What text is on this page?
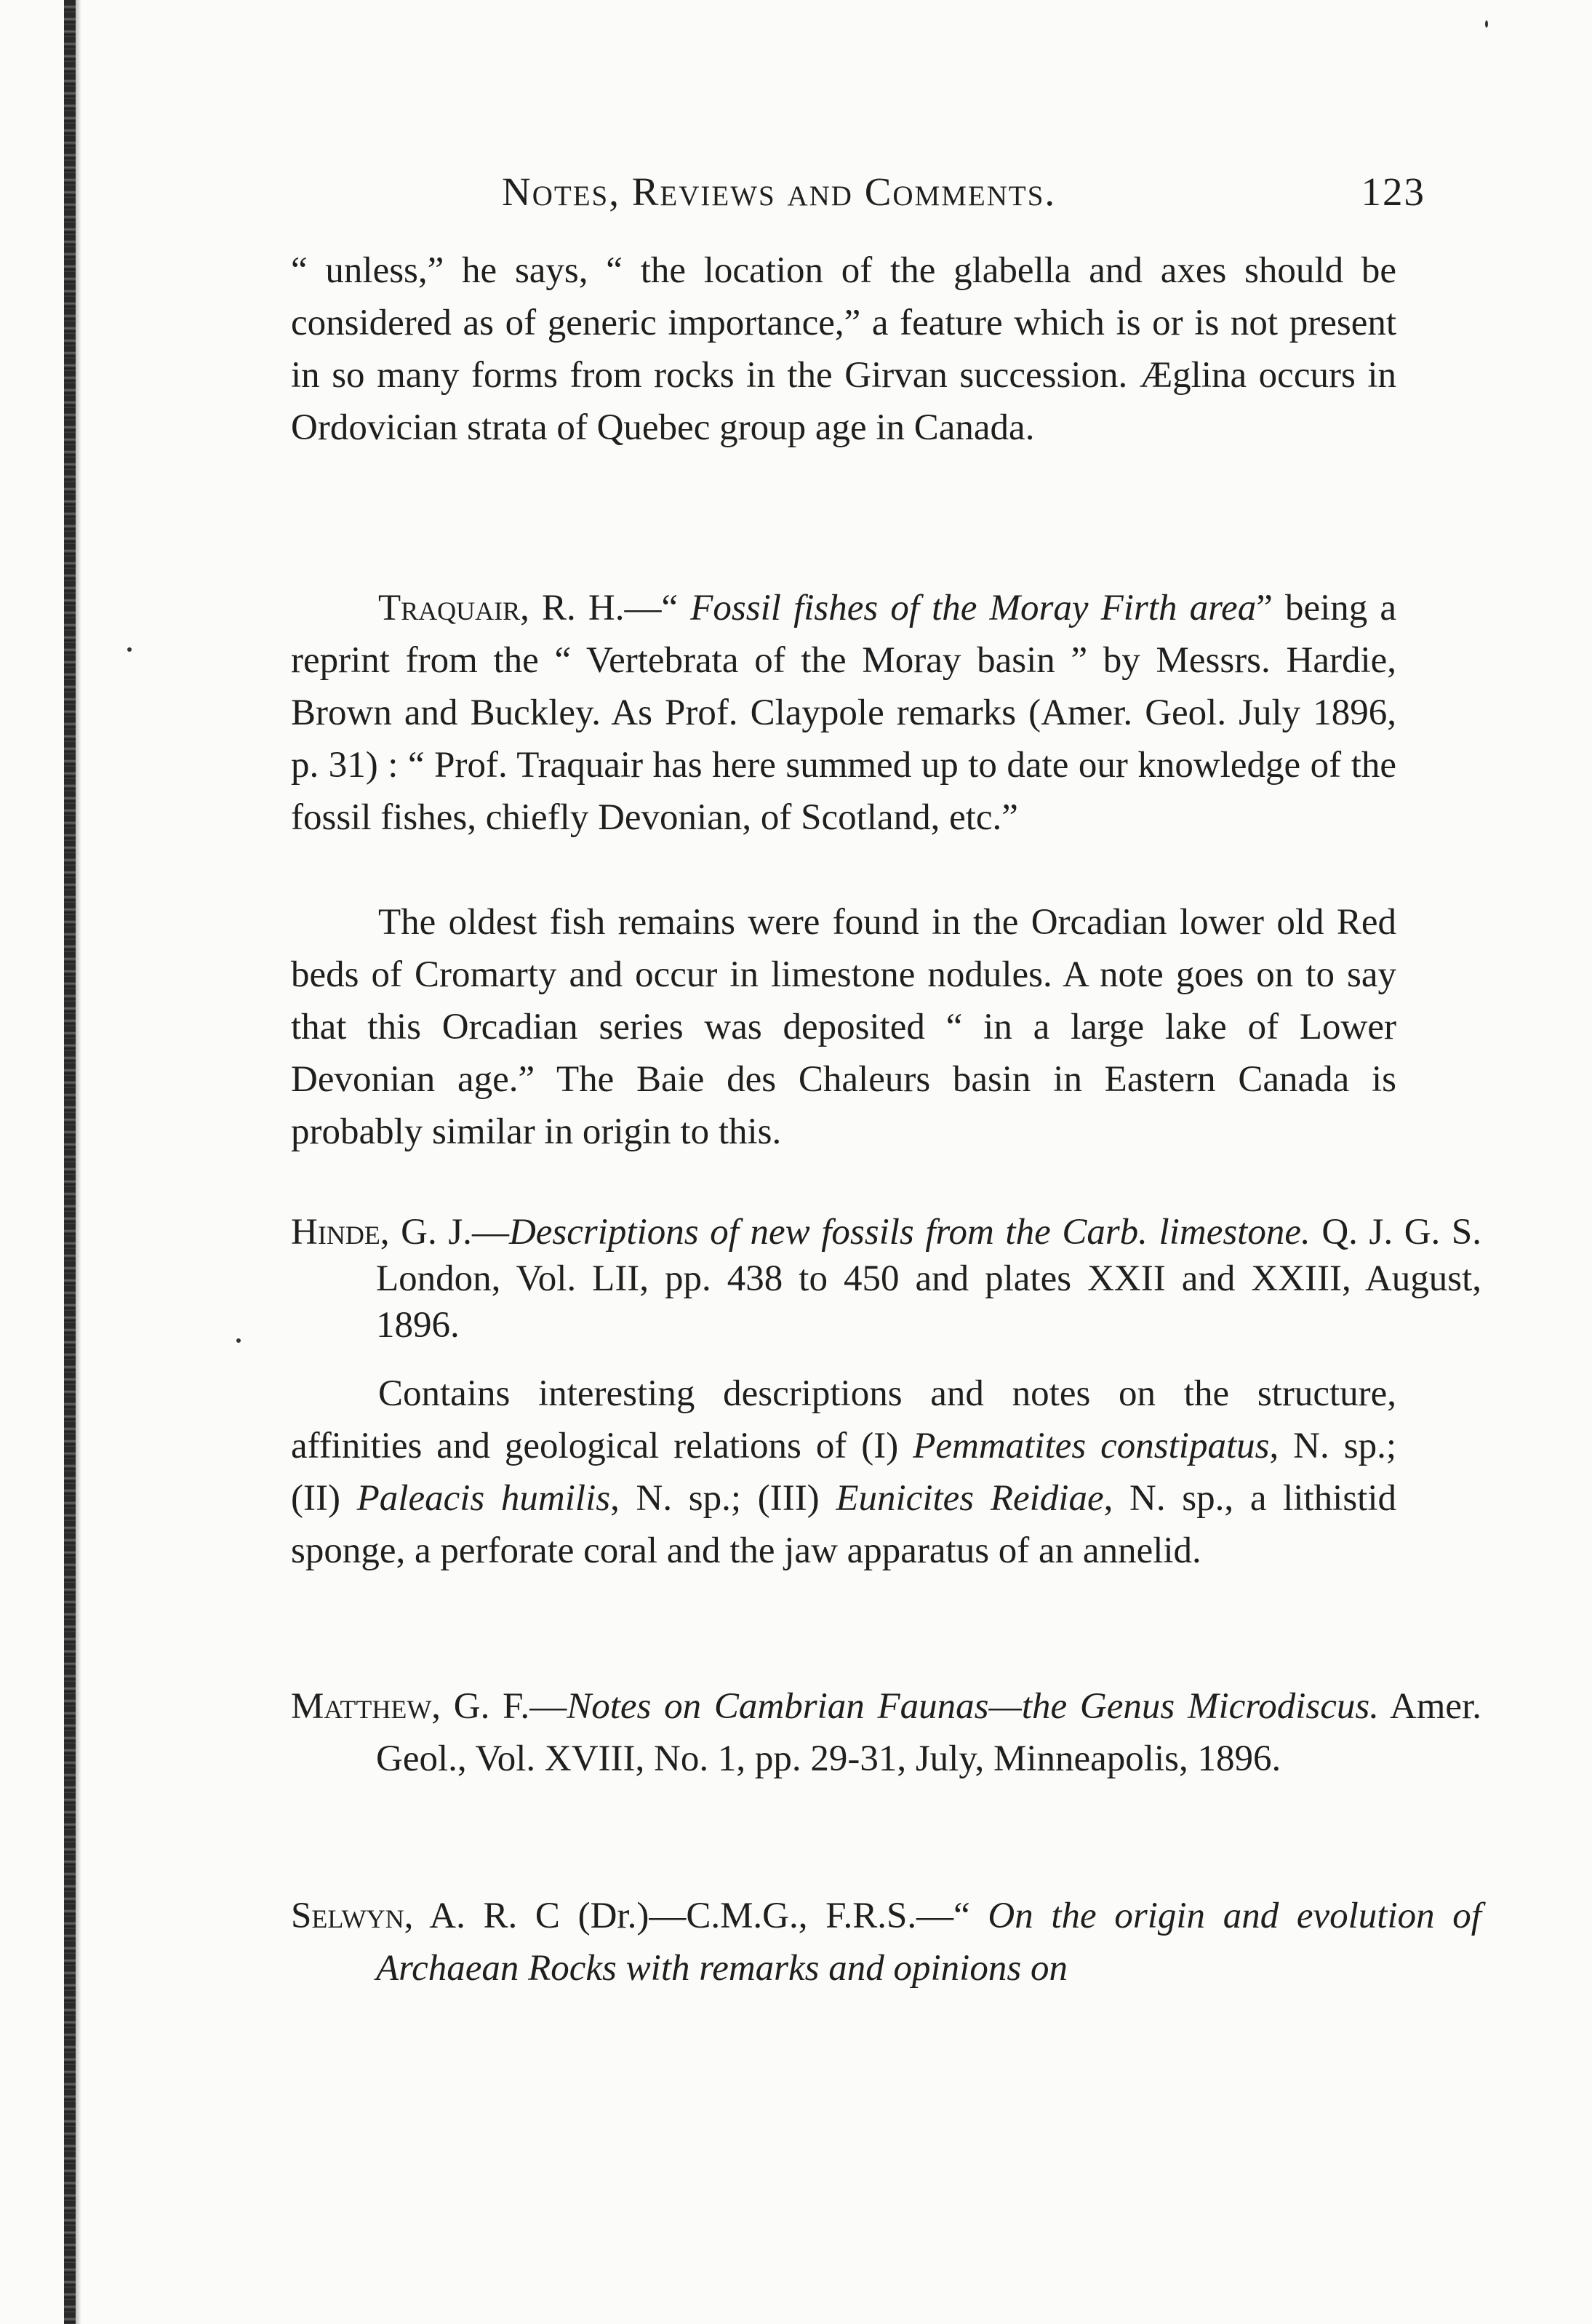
Notes, Reviews and Comments.	123

“ unless,” he says, “ the location of the glabella and axes should be considered as of generic importance,” a feature which is or is not present in so many forms from rocks in the Girvan succession. Æglina occurs in Ordovician strata of Quebec group age in Canada.

Traquair, R. H.—“ Fossil fishes of the Moray Firth area” being a reprint from the “ Vertebrata of the Moray basin ” by Messrs. Hardie, Brown and Buckley. As Prof. Claypole remarks (Amer. Geol. July 1896, p. 31) : “ Prof. Traquair has here summed up to date our knowledge of the fossil fishes, chiefly Devonian, of Scotland, etc.”

The oldest fish remains were found in the Orcadian lower old Red beds of Cromarty and occur in limestone nodules. A note goes on to say that this Orcadian series was deposited “ in a large lake of Lower Devonian age.” The Baie des Chaleurs basin in Eastern Canada is probably similar in origin to this.

Hinde, G. J.—Descriptions of new fossils from the Carb. limestone. Q. J. G. S. London, Vol. LII, pp. 438 to 450 and plates XXII and XXIII, August, 1896.

Contains interesting descriptions and notes on the structure, affinities and geological relations of (I) Pemmatites constipatus, N. sp.; (II) Paleacis humilis, N. sp.; (III) Eunicites Reidiae, N. sp., a lithistid sponge, a perforate coral and the jaw apparatus of an annelid.

Matthew, G. F.—Notes on Cambrian Faunas—the Genus Microdiscus. Amer. Geol., Vol. XVIII, No. 1, pp. 29-31, July, Minneapolis, 1896.

Selwyn, A. R. C (Dr.)—C.M.G., F.R.S.—“ On the origin and evolution of Archaean Rocks with remarks and opinions on
